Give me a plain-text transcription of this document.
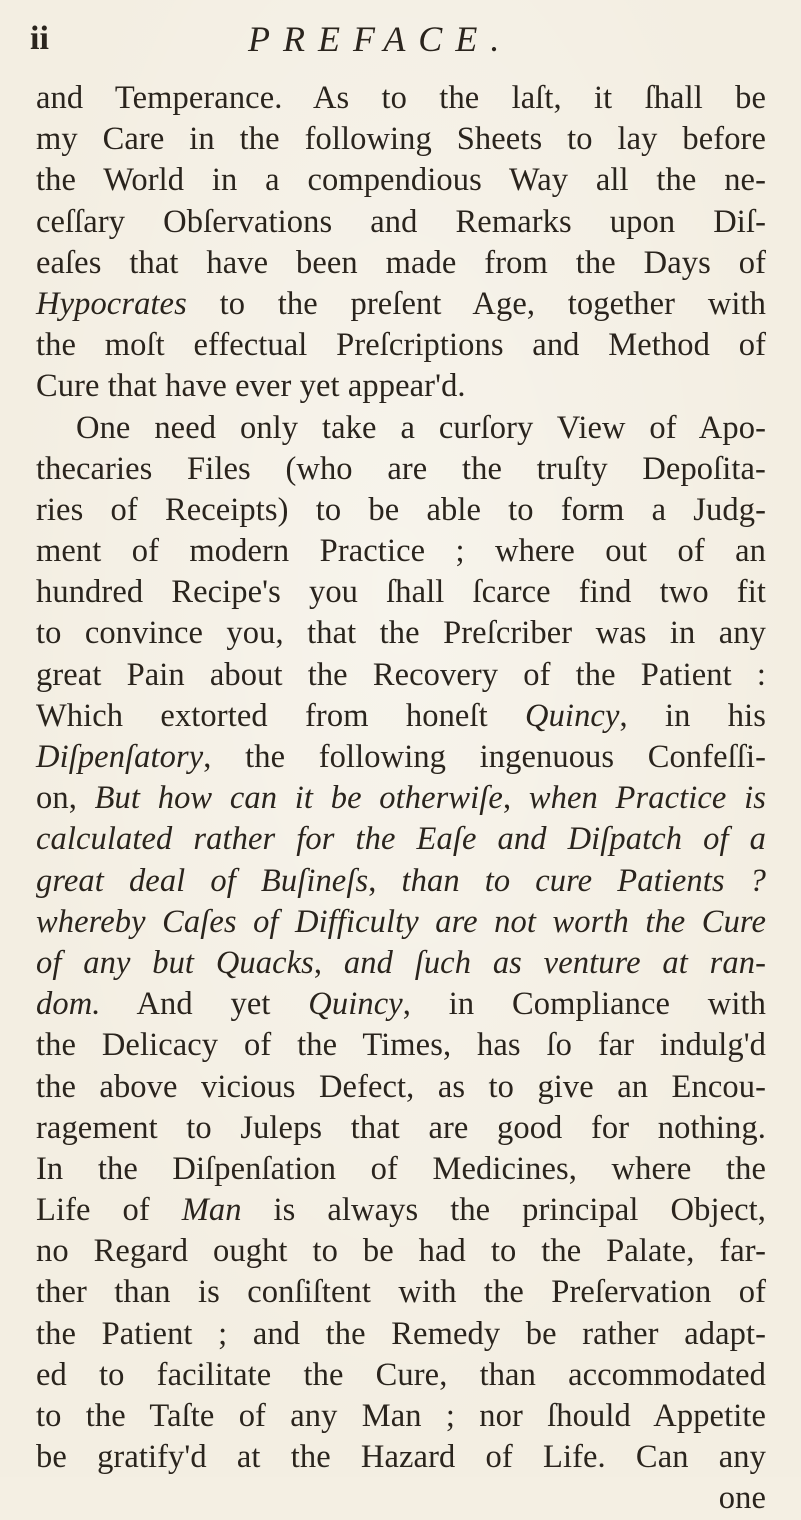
ii	PREFACE.
and Temperance. As to the laſt, it ſhall be
my Care in the following Sheets to lay before
the World in a compendious Way all the ne-
ceſſary Obſervations and Remarks upon Diſ-
eaſes that have been made from the Days of
Hypocrates to the preſent Age, together with
the moſt effectual Preſcriptions and Method of
Cure that have ever yet appear'd.
One need only take a curſory View of Apo-
thecaries Files (who are the truſty Depoſita-
ries of Receipts) to be able to form a Judg-
ment of modern Practice ; where out of an
hundred Recipe's you ſhall ſcarce find two fit
to convince you, that the Preſcriber was in any
great Pain about the Recovery of the Patient :
Which extorted from honeſt Quincy, in his
Diſpenſatory, the following ingenuous Confeſſi-
on, But how can it be otherwiſe, when Practice is
calculated rather for the Eaſe and Diſpatch of a
great deal of Buſineſs, than to cure Patients ?
whereby Caſes of Difficulty are not worth the Cure
of any but Quacks, and ſuch as venture at ran-
dom. And yet Quincy, in Compliance with
the Delicacy of the Times, has ſo far indulg'd
the above vicious Defect, as to give an Encou-
ragement to Juleps that are good for nothing.
In the Diſpenſation of Medicines, where the
Life of Man is always the principal Object,
no Regard ought to be had to the Palate, far-
ther than is conſiſtent with the Preſervation of
the Patient ; and the Remedy be rather adapt-
ed to facilitate the Cure, than accommodated
to the Taſte of any Man ; nor ſhould Appetite
be gratify'd at the Hazard of Life. Can any
one
